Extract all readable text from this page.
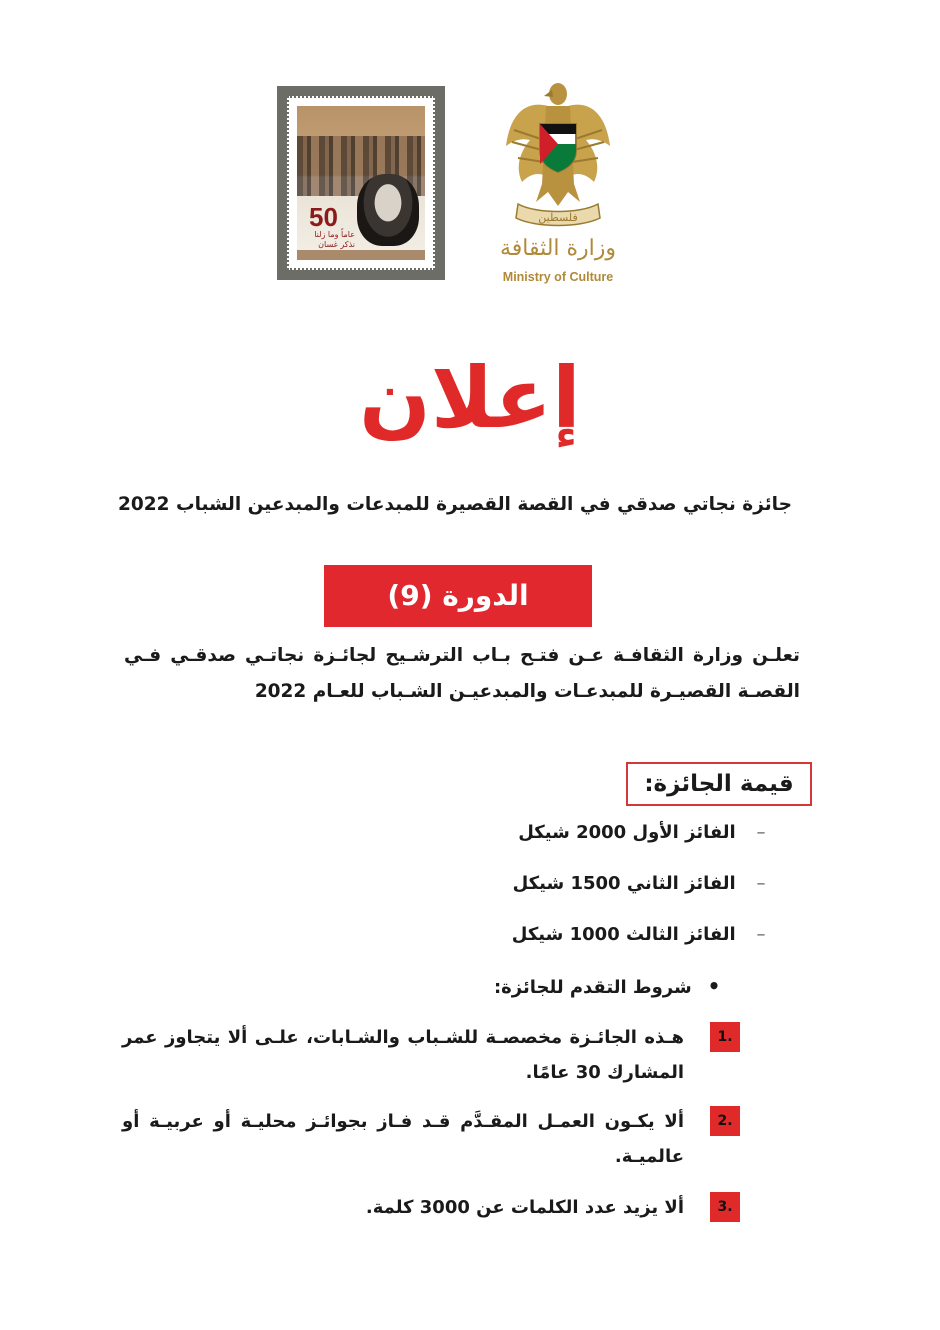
50
عاماً وما زلنا نذكر غسان
فلسطين
وزارة الثقافة
Ministry of Culture
إعلان
جائزة نجاتي صدقي في القصة القصيرة للمبدعات والمبدعين الشباب 2022
الدورة (9)
تعلـن وزارة الثقافـة عـن فتـح بـاب الترشـيح لجائـزة نجاتـي صدقـي فـي القصـة القصيـرة للمبدعـات والمبدعيـن الشـباب للعـام 2022
قيمة الجائزة:
– الفائز الأول 2000 شيكل
– الفائز الثاني 1500 شيكل
– الفائز الثالث 1000 شيكل
• شروط التقدم للجائزة:
.1
هـذه الجائـزة مخصصـة للشـباب والشـابات، علـى ألا يتجاوز عمر المشارك 30 عامًا.
.2
ألا يكـون العمـل المقـدَّم قـد فـاز بجوائـز محليـة أو عربيـة أو عالميـة.
.3
ألا يزيد عدد الكلمات عن 3000 كلمة.
